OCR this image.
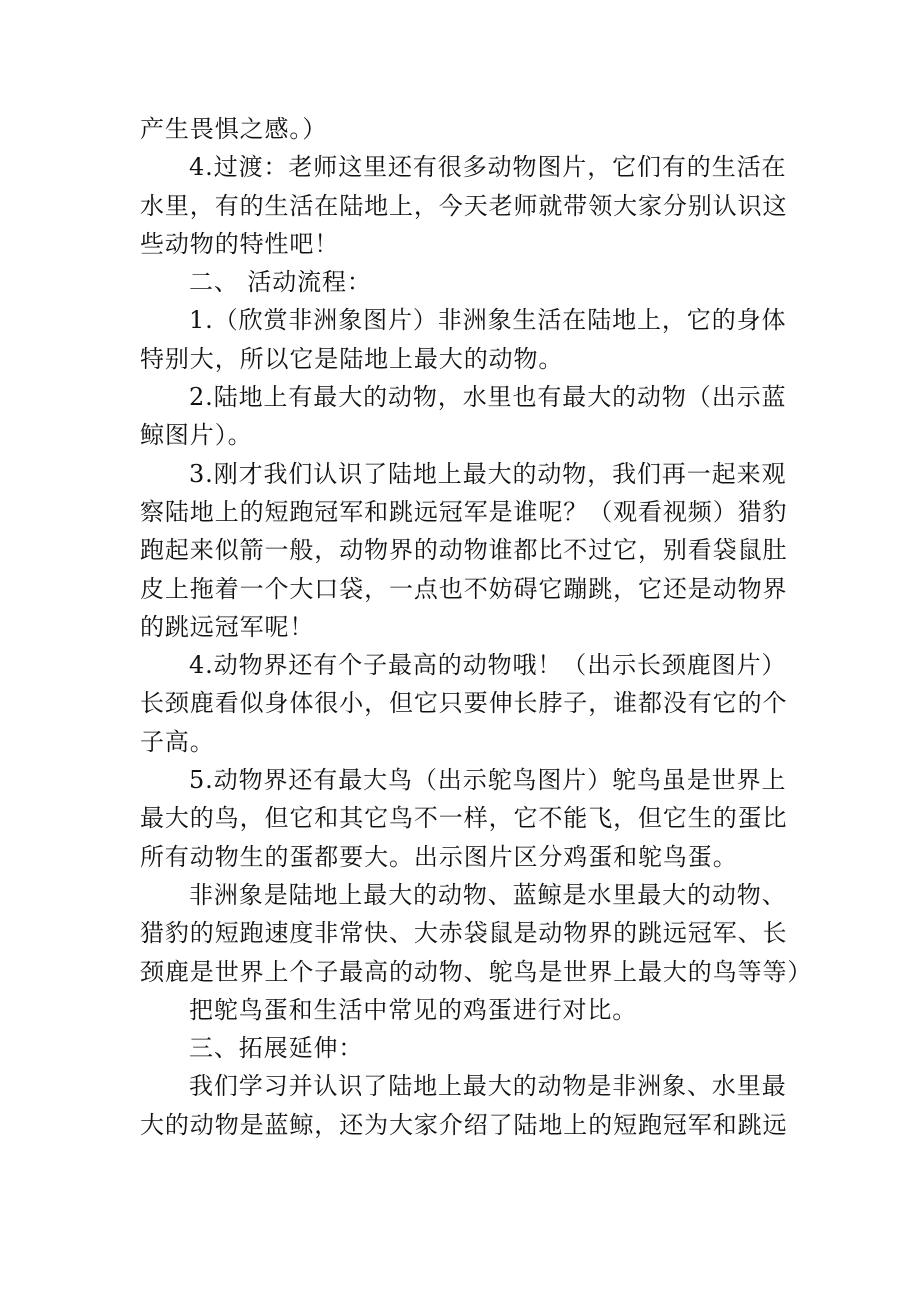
产生畏惧之感。）
4.过渡：老师这里还有很多动物图片，它们有的生活在
水里，有的生活在陆地上，今天老师就带领大家分别认识这
些动物的特性吧！
二、 活动流程：
1.（欣赏非洲象图片）非洲象生活在陆地上，它的身体
特别大，所以它是陆地上最大的动物。
2.陆地上有最大的动物，水里也有最大的动物（出示蓝
鲸图片）。
3.刚才我们认识了陆地上最大的动物，我们再一起来观
察陆地上的短跑冠军和跳远冠军是谁呢？（观看视频）猎豹
跑起来似箭一般，动物界的动物谁都比不过它，别看袋鼠肚
皮上拖着一个大口袋，一点也不妨碍它蹦跳，它还是动物界
的跳远冠军呢！
4.动物界还有个子最高的动物哦！（出示长颈鹿图片）
长颈鹿看似身体很小，但它只要伸长脖子，谁都没有它的个
子高。
5.动物界还有最大鸟（出示鸵鸟图片）鸵鸟虽是世界上
最大的鸟，但它和其它鸟不一样，它不能飞，但它生的蛋比
所有动物生的蛋都要大。出示图片区分鸡蛋和鸵鸟蛋。
非洲象是陆地上最大的动物、蓝鲸是水里最大的动物、
猎豹的短跑速度非常快、大赤袋鼠是动物界的跳远冠军、长
颈鹿是世界上个子最高的动物、鸵鸟是世界上最大的鸟等等）
把鸵鸟蛋和生活中常见的鸡蛋进行对比。
三、拓展延伸：
我们学习并认识了陆地上最大的动物是非洲象、水里最
大的动物是蓝鲸，还为大家介绍了陆地上的短跑冠军和跳远
